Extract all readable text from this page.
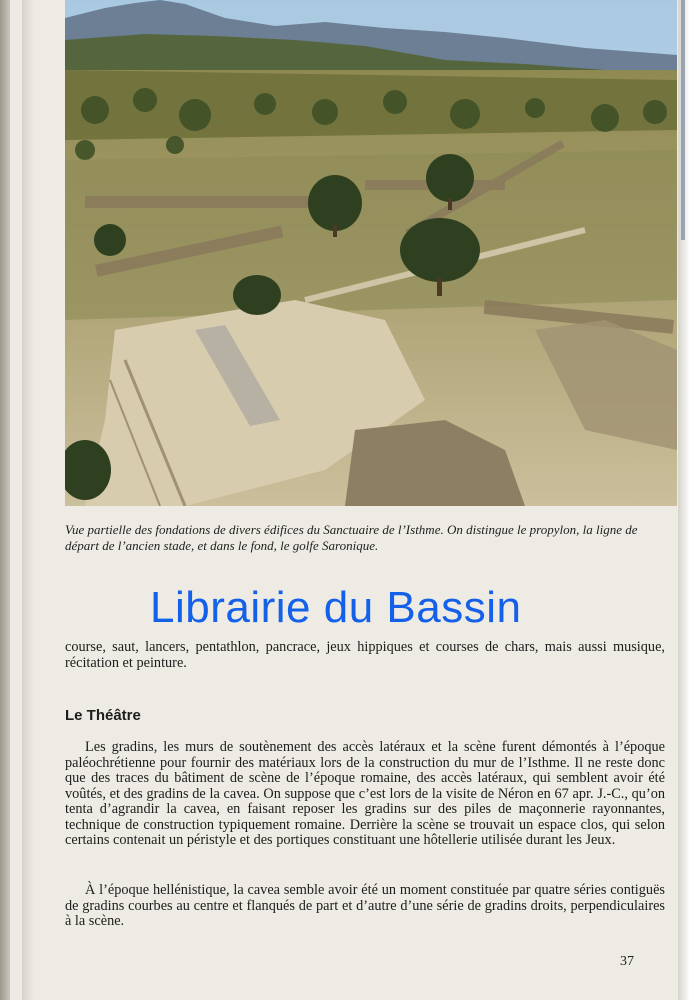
Vue partielle des fondations de divers édifices du Sanctuaire de l’Isthme. On distingue le propylon, la ligne de départ de l’ancien stade, et dans le fond, le golfe Saronique.

Librairie du Bassin

course, saut, lancers, pentathlon, pancrace, jeux hippiques et courses de chars, mais aussi musique, récitation et peinture.

Le Théâtre

Les gradins, les murs de soutènement des accès latéraux et la scène furent démontés à l’époque paléochrétienne pour fournir des matériaux lors de la construction du mur de l’Isthme. Il ne reste donc que des traces du bâtiment de scène de l’époque romaine, des accès latéraux, qui semblent avoir été voûtés, et des gradins de la cavea. On suppose que c’est lors de la visite de Néron en 67 apr. J.-C., qu’on tenta d’agrandir la cavea, en faisant reposer les gradins sur des piles de maçonnerie rayonnantes, technique de construction typiquement romaine. Derrière la scène se trouvait un espace clos, qui selon certains contenait un péristyle et des portiques constituant une hôtellerie utilisée durant les Jeux.

À l’époque hellénistique, la cavea semble avoir été un moment constituée par quatre séries contiguës de gradins courbes au centre et flanqués de part et d’autre d’une série de gradins droits, perpendiculaires à la scène.

37
